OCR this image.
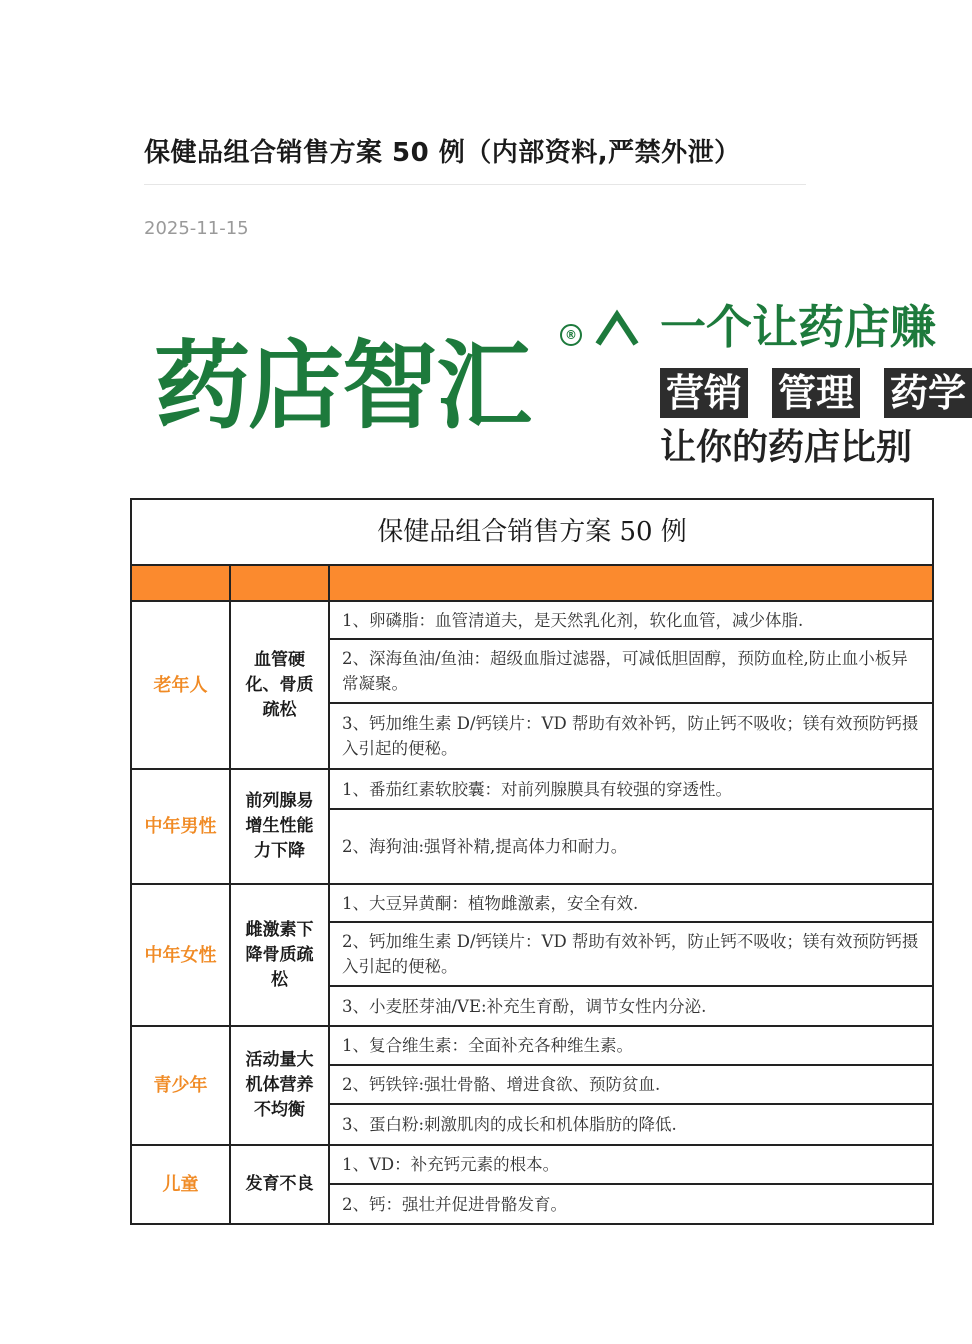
保健品组合销售方案 50 例（内部资料,严禁外泄）
2025-11-15
药店智汇	® 一个让药店赚
营销 管理 药学
让你的药店比别
保健品组合销售方案 50 例
老年人
血管硬化、骨质疏松
1、卵磷脂：血管清道夫，是天然乳化剂，软化血管，减少体脂.
2、深海鱼油/鱼油：超级血脂过滤器，可减低胆固醇，预防血栓,防止血小板异常凝聚。
3、钙加维生素 D/钙镁片：VD 帮助有效补钙，防止钙不吸收；镁有效预防钙摄入引起的便秘。
中年男性
前列腺易增生性能力下降
1、番茄红素软胶囊：对前列腺膜具有较强的穿透性。
2、海狗油:强肾补精,提高体力和耐力。
中年女性
雌激素下降骨质疏松
1、大豆异黄酮：植物雌激素，安全有效.
2、钙加维生素 D/钙镁片：VD 帮助有效补钙，防止钙不吸收；镁有效预防钙摄入引起的便秘。
3、小麦胚芽油/VE:补充生育酚，调节女性内分泌.
青少年
活动量大机体营养不均衡
1、复合维生素：全面补充各种维生素。
2、钙铁锌:强壮骨骼、增进食欲、预防贫血.
3、蛋白粉:刺激肌肉的成长和机体脂肪的降低.
儿童	发育不良
1、VD：补充钙元素的根本。
2、钙：强壮并促进骨骼发育。
